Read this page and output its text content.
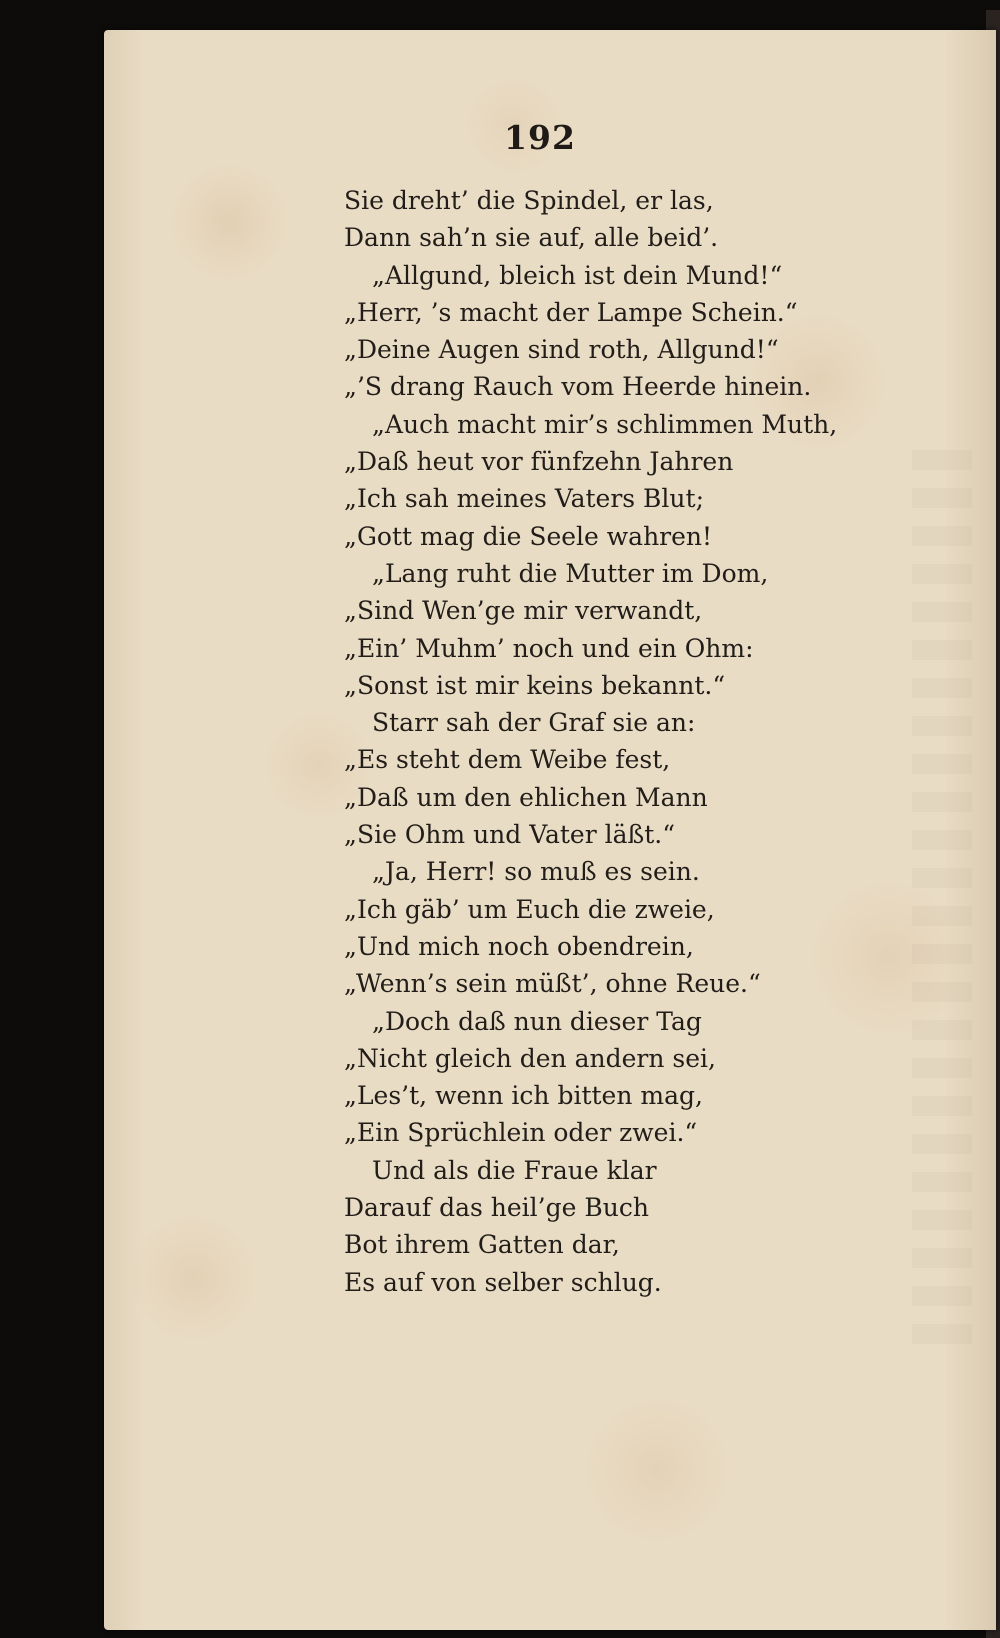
192
Sie dreht’ die Spindel, er las,
Dann sah’n sie auf, alle beid’.
„Allgund, bleich ist dein Mund!“
„Herr, ’s macht der Lampe Schein.“
„Deine Augen sind roth, Allgund!“
„’S drang Rauch vom Heerde hinein.
„Auch macht mir’s schlimmen Muth,
„Daß heut vor fünfzehn Jahren
„Ich sah meines Vaters Blut;
„Gott mag die Seele wahren!
„Lang ruht die Mutter im Dom,
„Sind Wen’ge mir verwandt,
„Ein’ Muhm’ noch und ein Ohm:
„Sonst ist mir keins bekannt.“
Starr sah der Graf sie an:
„Es steht dem Weibe fest,
„Daß um den ehlichen Mann
„Sie Ohm und Vater läßt.“
„Ja, Herr! so muß es sein.
„Ich gäb’ um Euch die zweie,
„Und mich noch obendrein,
„Wenn’s sein müßt’, ohne Reue.“
„Doch daß nun dieser Tag
„Nicht gleich den andern sei,
„Les’t, wenn ich bitten mag,
„Ein Sprüchlein oder zwei.“
Und als die Fraue klar
Darauf das heil’ge Buch
Bot ihrem Gatten dar,
Es auf von selber schlug.
